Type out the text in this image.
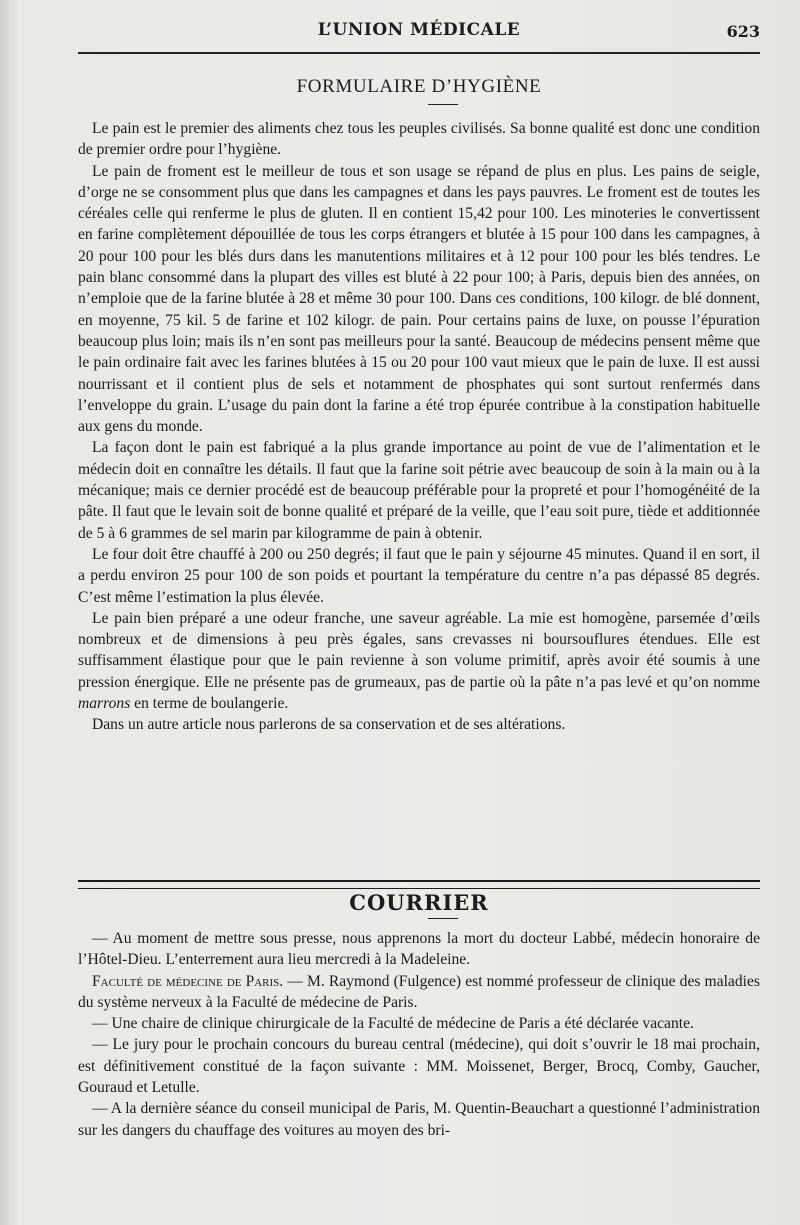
L’UNION MÉDICALE	623
FORMULAIRE D’HYGIÈNE

Le pain est le premier des aliments chez tous les peuples civilisés. Sa bonne qualité est donc une condition de premier ordre pour l’hygiène.

Le pain de froment est le meilleur de tous et son usage se répand de plus en plus. Les pains de seigle, d’orge ne se consomment plus que dans les campagnes et dans les pays pauvres. Le froment est de toutes les céréales celle qui renferme le plus de gluten. Il en contient 15,42 pour 100. Les minoteries le convertissent en farine complètement dépouillée de tous les corps étrangers et blutée à 15 pour 100 dans les campagnes, à 20 pour 100 pour les blés durs dans les manutentions militaires et à 12 pour 100 pour les blés tendres. Le pain blanc consommé dans la plupart des villes est bluté à 22 pour 100; à Paris, depuis bien des années, on n’emploie que de la farine blutée à 28 et même 30 pour 100. Dans ces conditions, 100 kilogr. de blé donnent, en moyenne, 75 kil. 5 de farine et 102 kilogr. de pain. Pour certains pains de luxe, on pousse l’épuration beaucoup plus loin; mais ils n’en sont pas meilleurs pour la santé. Beaucoup de médecins pensent même que le pain ordinaire fait avec les farines blutées à 15 ou 20 pour 100 vaut mieux que le pain de luxe. Il est aussi nourrissant et il contient plus de sels et notamment de phosphates qui sont surtout renfermés dans l’enveloppe du grain. L’usage du pain dont la farine a été trop épurée contribue à la constipation habituelle aux gens du monde.

La façon dont le pain est fabriqué a la plus grande importance au point de vue de l’alimentation et le médecin doit en connaître les détails. Il faut que la farine soit pétrie avec beaucoup de soin à la main ou à la mécanique; mais ce dernier procédé est de beaucoup préférable pour la propreté et pour l’homogénéité de la pâte. Il faut que le levain soit de bonne qualité et préparé de la veille, que l’eau soit pure, tiède et additionnée de 5 à 6 grammes de sel marin par kilogramme de pain à obtenir.

Le four doit être chauffé à 200 ou 250 degrés; il faut que le pain y séjourne 45 minutes. Quand il en sort, il a perdu environ 25 pour 100 de son poids et pourtant la température du centre n’a pas dépassé 85 degrés. C’est même l’estimation la plus élevée.

Le pain bien préparé a une odeur franche, une saveur agréable. La mie est homogène, parsemée d’œils nombreux et de dimensions à peu près égales, sans crevasses ni boursouflures étendues. Elle est suffisamment élastique pour que le pain revienne à son volume primitif, après avoir été soumis à une pression énergique. Elle ne présente pas de grumeaux, pas de partie où la pâte n’a pas levé et qu’on nomme marrons en terme de boulangerie.

Dans un autre article nous parlerons de sa conservation et de ses altérations.

COURRIER

— Au moment de mettre sous presse, nous apprenons la mort du docteur Labbé, médecin honoraire de l’Hôtel-Dieu. L’enterrement aura lieu mercredi à la Madeleine.

Faculté de médecine de Paris. — M. Raymond (Fulgence) est nommé professeur de clinique des maladies du système nerveux à la Faculté de médecine de Paris.

— Une chaire de clinique chirurgicale de la Faculté de médecine de Paris a été déclarée vacante.

— Le jury pour le prochain concours du bureau central (médecine), qui doit s’ouvrir le 18 mai prochain, est définitivement constitué de la façon suivante : MM. Moissenet, Berger, Brocq, Comby, Gaucher, Gouraud et Letulle.

— A la dernière séance du conseil municipal de Paris, M. Quentin-Beauchart a questionné l’administration sur les dangers du chauffage des voitures au moyen des bri-
